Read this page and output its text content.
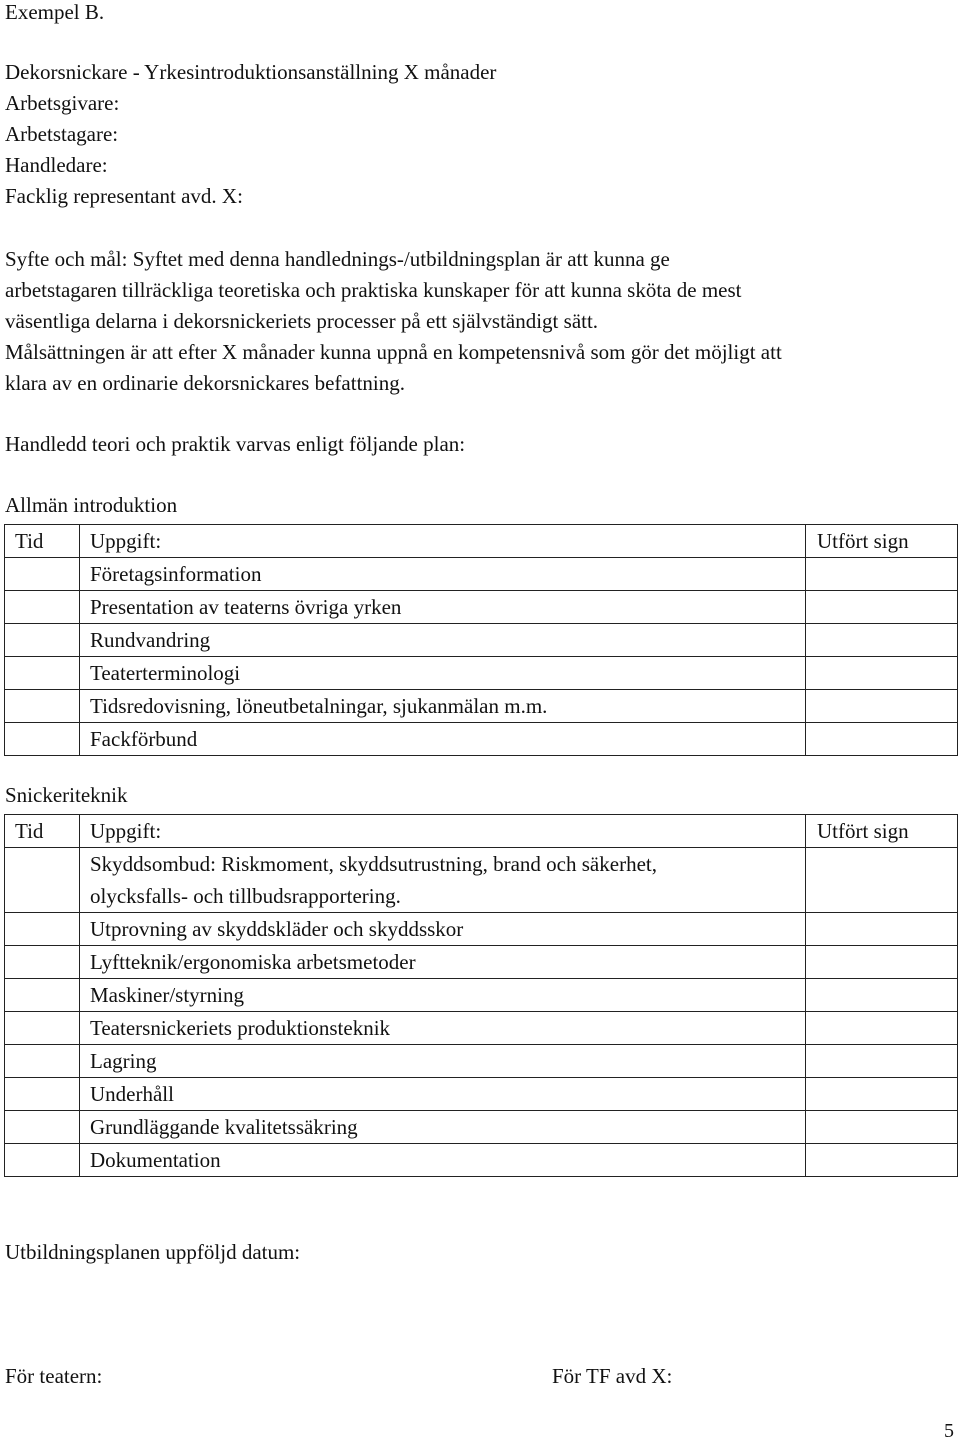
Exempel B.
Dekorsnickare - Yrkesintroduktionsanställning X månader
Arbetsgivare:
Arbetstagare:
Handledare:
Facklig representant avd. X:
Syfte och mål: Syftet med denna handlednings-/utbildningsplan är att kunna ge
arbetstagaren tillräckliga teoretiska och praktiska kunskaper för att kunna sköta de mest
väsentliga delarna i dekorsnickeriets processer på ett självständigt sätt.
Målsättningen är att efter X månader kunna uppnå en kompetensnivå som gör det möjligt att
klara av en ordinarie dekorsnickares befattning.
Handledd teori och praktik varvas enligt följande plan:
Allmän introduktion
Tid	Uppgift:	Utfört sign
	Företagsinformation	
	Presentation av teaterns övriga yrken	
	Rundvandring	
	Teaterterminologi	
	Tidsredovisning, löneutbetalningar, sjukanmälan m.m.	
	Fackförbund	
Snickeriteknik
Tid	Uppgift:	Utfört sign

	Skyddsombud: Riskmoment, skyddsutrustning, brand och säkerhet,
olycksfalls- och tillbudsrapportering.	

	Utprovning av skyddskläder och skyddsskor	
	Lyftteknik/ergonomiska arbetsmetoder	
	Maskiner/styrning	
	Teatersnickeriets produktionsteknik	
	Lagring	
	Underhåll	
	Grundläggande kvalitetssäkring	
	Dokumentation	
Utbildningsplanen uppföljd datum:
För teatern:	För TF avd X:
5
